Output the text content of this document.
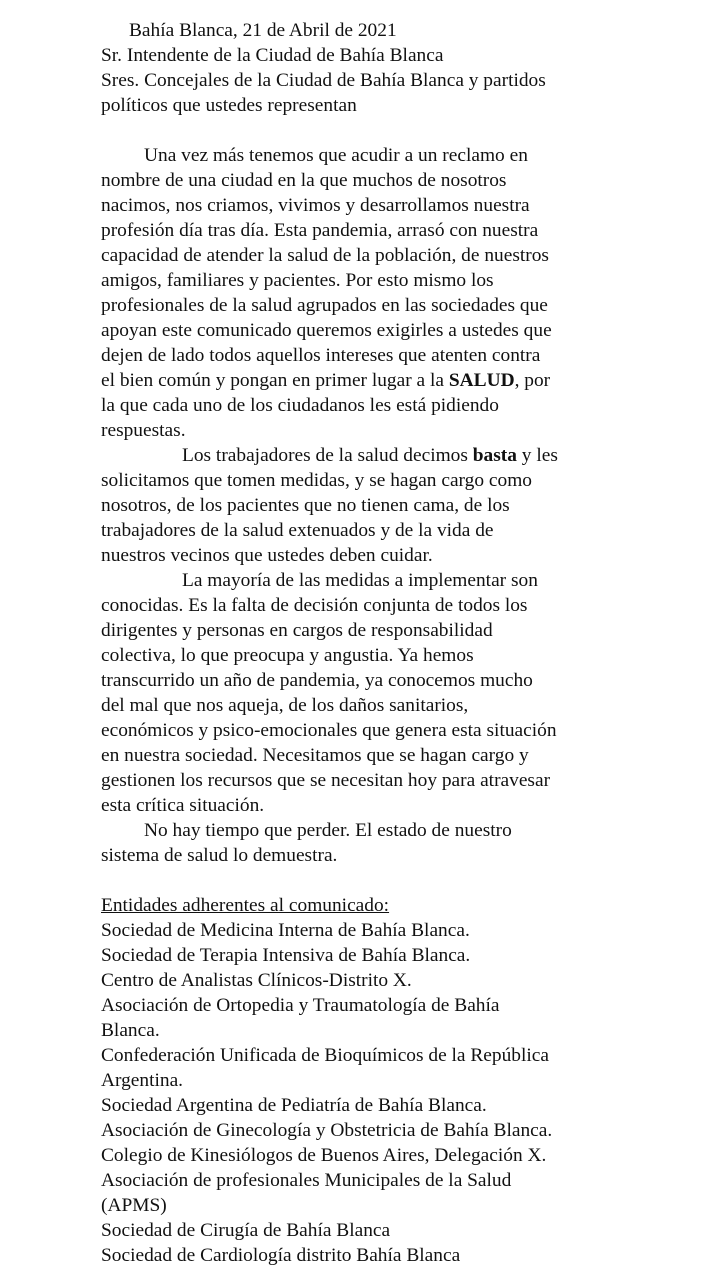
Bahía Blanca, 21 de Abril de 2021
Sr. Intendente de la Ciudad de Bahía Blanca
Sres. Concejales de la Ciudad de Bahía Blanca y partidos
políticos que ustedes representan
Una vez más tenemos que acudir a un reclamo en
nombre de una ciudad en la que muchos de nosotros
nacimos, nos criamos, vivimos y desarrollamos nuestra
profesión día tras día. Esta pandemia, arrasó con nuestra
capacidad de atender la salud de la población, de nuestros
amigos, familiares y pacientes. Por esto mismo los
profesionales de la salud agrupados en las sociedades que
apoyan este comunicado queremos exigirles a ustedes que
dejen de lado todos aquellos intereses que atenten contra
el bien común y pongan en primer lugar a la SALUD, por
la que cada uno de los ciudadanos les está pidiendo
respuestas.
Los trabajadores de la salud decimos basta y les
solicitamos que tomen medidas, y se hagan cargo como
nosotros, de los pacientes que no tienen cama, de los
trabajadores de la salud extenuados y de la vida de
nuestros vecinos que ustedes deben cuidar.
La mayoría de las medidas a implementar son
conocidas. Es la falta de decisión conjunta de todos los
dirigentes y personas en cargos de responsabilidad
colectiva, lo que preocupa y angustia. Ya hemos
transcurrido un año de pandemia, ya conocemos mucho
del mal que nos aqueja, de los daños sanitarios,
económicos y psico-emocionales que genera esta situación
en nuestra sociedad. Necesitamos que se hagan cargo y
gestionen los recursos que se necesitan hoy para atravesar
esta crítica situación.
No hay tiempo que perder. El estado de nuestro
sistema de salud lo demuestra.
Entidades adherentes al comunicado:
Sociedad de Medicina Interna de Bahía Blanca.
Sociedad de Terapia Intensiva de Bahía Blanca.
Centro de Analistas Clínicos-Distrito X.
Asociación de Ortopedia y Traumatología de Bahía
Blanca.
Confederación Unificada de Bioquímicos de la República
Argentina.
Sociedad Argentina de Pediatría de Bahía Blanca.
Asociación de Ginecología y Obstetricia de Bahía Blanca.
Colegio de Kinesiólogos de Buenos Aires, Delegación X.
Asociación de profesionales Municipales de la Salud
(APMS)
Sociedad de Cirugía de Bahía Blanca
Sociedad de Cardiología distrito Bahía Blanca
